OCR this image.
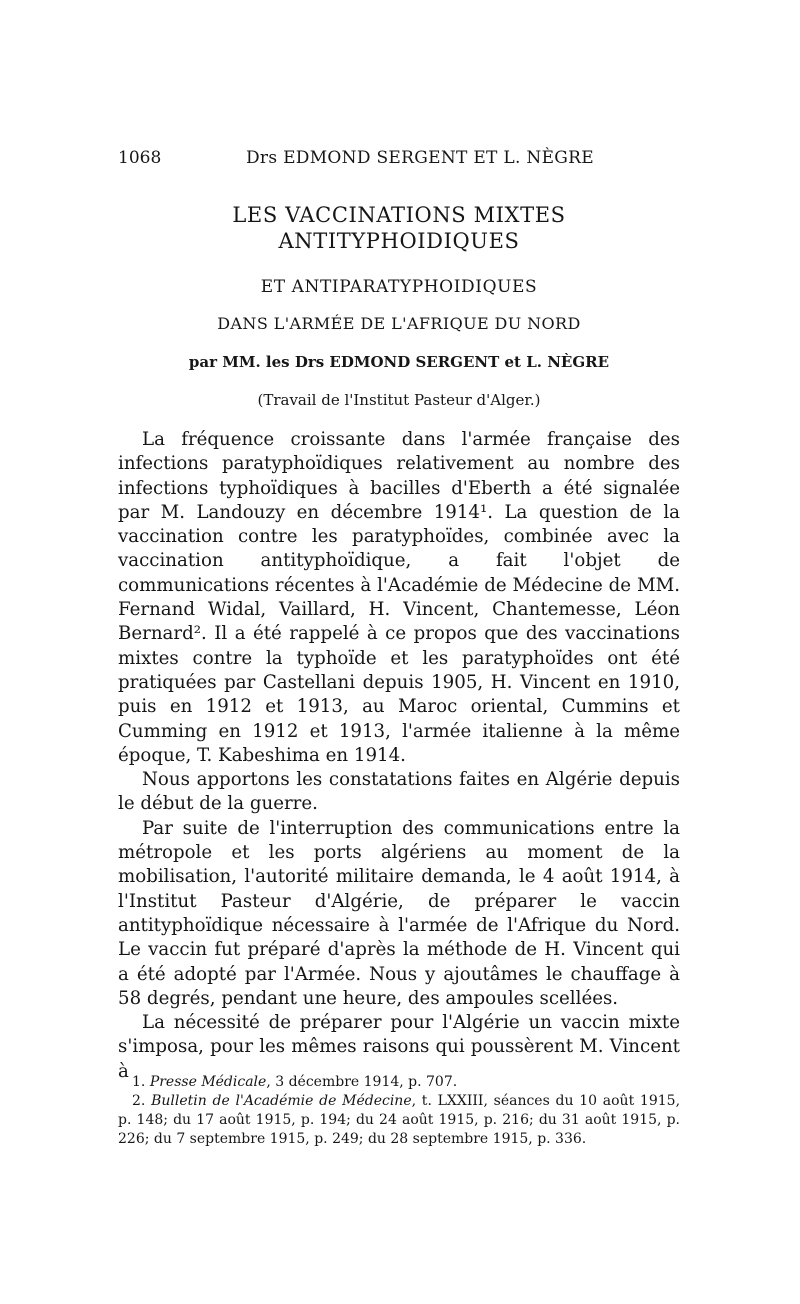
1068	Drs EDMOND SERGENT ET L. NÈGRE
LES VACCINATIONS MIXTES ANTITYPHOIDIQUES
ET ANTIPARATYPHOIDIQUES
DANS L'ARMÉE DE L'AFRIQUE DU NORD
par MM. les Drs EDMOND SERGENT et L. NÈGRE
(Travail de l'Institut Pasteur d'Alger.)

La fréquence croissante dans l'armée française des infections paratyphoïdiques relativement au nombre des infections typhoïdiques à bacilles d'Eberth a été signalée par M. Landouzy en décembre 1914¹. La question de la vaccination contre les paratyphoïdes, combinée avec la vaccination antityphoïdique, a fait l'objet de communications récentes à l'Académie de Médecine de MM. Fernand Widal, Vaillard, H. Vincent, Chantemesse, Léon Bernard². Il a été rappelé à ce propos que des vaccinations mixtes contre la typhoïde et les paratyphoïdes ont été pratiquées par Castellani depuis 1905, H. Vincent en 1910, puis en 1912 et 1913, au Maroc oriental, Cummins et Cumming en 1912 et 1913, l'armée italienne à la même époque, T. Kabeshima en 1914.

Nous apportons les constatations faites en Algérie depuis le début de la guerre.

Par suite de l'interruption des communications entre la métropole et les ports algériens au moment de la mobilisation, l'autorité militaire demanda, le 4 août 1914, à l'Institut Pasteur d'Algérie, de préparer le vaccin antityphoïdique nécessaire à l'armée de l'Afrique du Nord. Le vaccin fut préparé d'après la méthode de H. Vincent qui a été adopté par l'Armée. Nous y ajoutâmes le chauffage à 58 degrés, pendant une heure, des ampoules scellées.

La nécessité de préparer pour l'Algérie un vaccin mixte s'imposa, pour les mêmes raisons qui poussèrent M. Vincent à

1. Presse Médicale, 3 décembre 1914, p. 707.

2. Bulletin de l'Académie de Médecine, t. LXXIII, séances du 10 août 1915, p. 148; du 17 août 1915, p. 194; du 24 août 1915, p. 216; du 31 août 1915, p. 226; du 7 septembre 1915, p. 249; du 28 septembre 1915, p. 336.
